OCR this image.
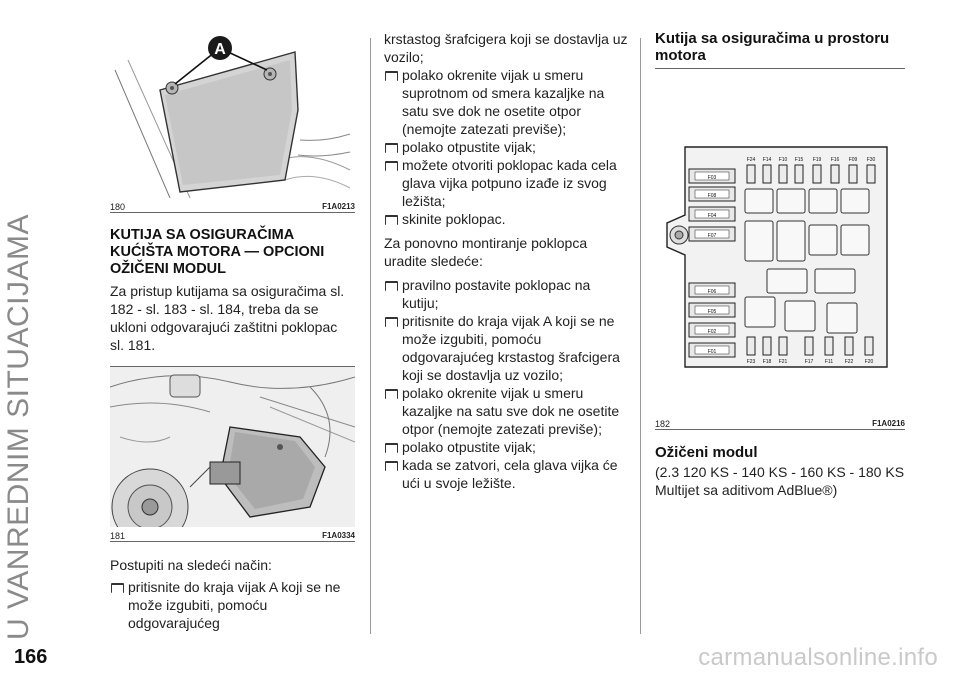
U VANREDNIM SITUACIJAMA
A
180	F1A0213
KUTIJA SA OSIGURAČIMA KUĆIŠTA MOTORA — OPCIONI OŽIČENI MODUL

Za pristup kutijama sa osiguračima sl. 182 - sl. 183 - sl. 184, treba da se ukloni odgovarajući zaštitni poklopac sl. 181.

181	F1A0334

Postupiti na sledeći način:

pritisnite do kraja vijak A koji se ne može izgubiti, pomoću odgovarajućeg

krstastog šrafcigera koji se dostavlja uz vozilo;

polako okrenite vijak u smeru suprotnom od smera kazaljke na satu sve dok ne osetite otpor (nemojte zatezati previše);
polako otpustite vijak;
možete otvoriti poklopac kada cela glava vijka potpuno izađe iz svog ležišta;
skinite poklopac.

Za ponovno montiranje poklopca uradite sledeće:

pravilno postavite poklopac na kutiju;
pritisnite do kraja vijak A koji se ne može izgubiti, pomoću odgovarajućeg krstastog šrafcigera koji se dostavlja uz vozilo;
polako okrenite vijak u smeru kazaljke na satu sve dok ne osetite otpor (nemojte zatezati previše);
polako otpustite vijak;
kada se zatvori, cela glava vijka će ući u svoje ležište.
Kutija sa osiguračima u prostoru motora
F03
F08
F04
F07
F06
F05
F02
F01
F24 F14 F10 F15 F19 F16 F09 F30
F23 F18 F21	F17 F11 F22 F20
182	F1A0216
Ožičeni modul

(2.3 120 KS - 140 KS - 160 KS - 180 KS Multijet sa aditivom AdBlue®)

166	carmanualsonline.info
